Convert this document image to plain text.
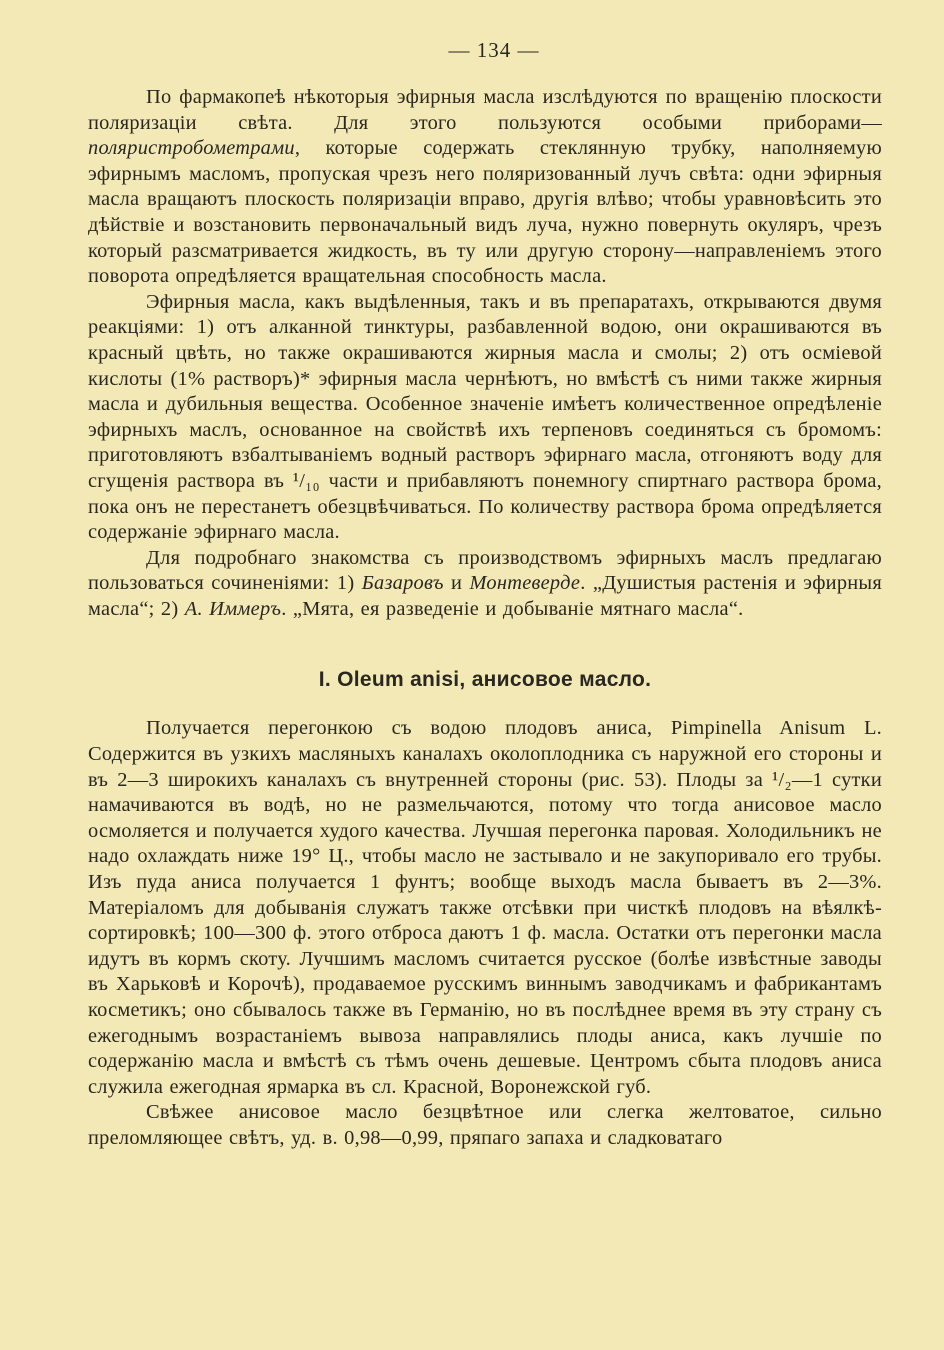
— 134 —

По фармакопеѣ нѣкоторыя эфирныя масла изслѣдуются по вращенію плоскости поляризаціи свѣта. Для этого пользуются особыми приборами—поляристробометрами, которые содержать стеклянную трубку, наполняемую эфирнымъ масломъ, пропуская чрезъ него поляризованный лучъ свѣта: одни эфирныя масла вращаютъ плоскость поляризаціи вправо, другія влѣво; чтобы уравновѣсить это дѣйствіе и возстановить первоначальный видъ луча, нужно повернуть окуляръ, чрезъ который разсматривается жидкость, въ ту или другую сторону—направленіемъ этого поворота опредѣляется вращательная способность масла.

Эфирныя масла, какъ выдѣленныя, такъ и въ препаратахъ, открываются двумя реакціями: 1) отъ алканной тинктуры, разбавленной водою, они окрашиваются въ красный цвѣть, но также окрашиваются жирныя масла и смолы; 2) отъ осміевой кислоты (1% растворъ)* эфирныя масла чернѣютъ, но вмѣстѣ съ ними также жирныя масла и дубильныя вещества. Особенное значеніе имѣетъ количественное опредѣленіе эфирныхъ маслъ, основанное на свойствѣ ихъ терпеновъ соединяться съ бромомъ: приготовляютъ взбалтываніемъ водный растворъ эфирнаго масла, отгоняютъ воду для сгущенія раствора въ ¹/₁₀ части и прибавляютъ понемногу спиртнаго раствора брома, пока онъ не перестанетъ обезцвѣчиваться. По количеству раствора брома опредѣляется содержаніе эфирнаго масла.

Для подробнаго знакомства съ производствомъ эфирныхъ маслъ предлагаю пользоваться сочиненіями: 1) Базаровъ и Монтеверде. „Душистыя растенія и эфирныя масла“; 2) А. Иммеръ. „Мята, ея разведеніе и добываніе мятнаго масла“.

I. Oleum anisi, анисовое масло.

Получается перегонкою съ водою плодовъ аниса, Pimpinella Anisum L. Содержится въ узкихъ масляныхъ каналахъ околоплодника съ наружной его стороны и въ 2—3 широкихъ каналахъ съ внутренней стороны (рис. 53). Плоды за ¹/₂—1 сутки намачиваются въ водѣ, но не размельчаются, потому что тогда анисовое масло осмоляется и получается худого качества. Лучшая перегонка паровая. Холодильникъ не надо охлаждать ниже 19° Ц., чтобы масло не застывало и не закупоривало его трубы. Изъ пуда аниса получается 1 фунтъ; вообще выходъ масла бываетъ въ 2—3%. Матеріаломъ для добыванія служатъ также отсѣвки при чисткѣ плодовъ на вѣялкѣ-сортировкѣ; 100—300 ф. этого отброса даютъ 1 ф. масла. Остатки отъ перегонки масла идутъ въ кормъ скоту. Лучшимъ масломъ считается русское (болѣе извѣстные заводы въ Харьковѣ и Корочѣ), продаваемое русскимъ виннымъ заводчикамъ и фабрикантамъ косметикъ; оно сбывалось также въ Германію, но въ послѣднее время въ эту страну съ ежегоднымъ возрастаніемъ вывоза направлялись плоды аниса, какъ лучшіе по содержанію масла и вмѣстѣ съ тѣмъ очень дешевые. Центромъ сбыта плодовъ аниса служила ежегодная ярмарка въ сл. Красной, Воронежской губ.

Свѣжее анисовое масло безцвѣтное или слегка желтоватое, сильно преломляющее свѣтъ, уд. в. 0,98—0,99, пряпаго запаха и сладковатаго
